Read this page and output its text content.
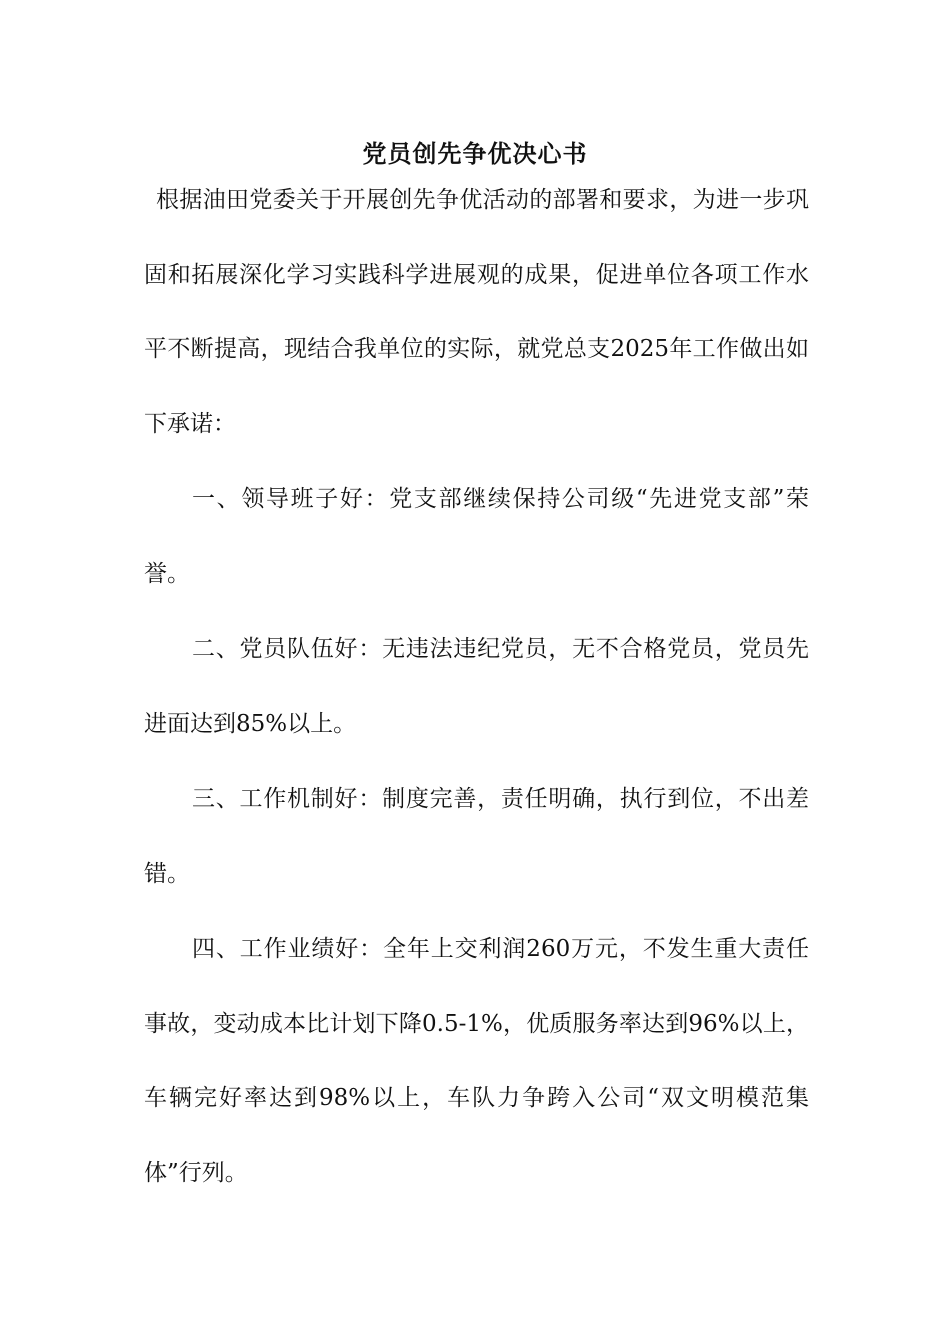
党员创先争优决心书

根据油田党委关于开展创先争优活动的部署和要求，为进一步巩固和拓展深化学习实践科学进展观的成果，促进单位各项工作水平不断提高，现结合我单位的实际，就党总支2025年工作做出如下承诺：

一、领导班子好：党支部继续保持公司级“先进党支部”荣誉。

二、党员队伍好：无违法违纪党员，无不合格党员，党员先进面达到85%以上。

三、工作机制好：制度完善，责任明确，执行到位，不出差错。

四、工作业绩好：全年上交利润260万元，不发生重大责任事故，变动成本比计划下降0.5-1%，优质服务率达到96%以上，车辆完好率达到98%以上，车队力争跨入公司“双文明模范集体”行列。
